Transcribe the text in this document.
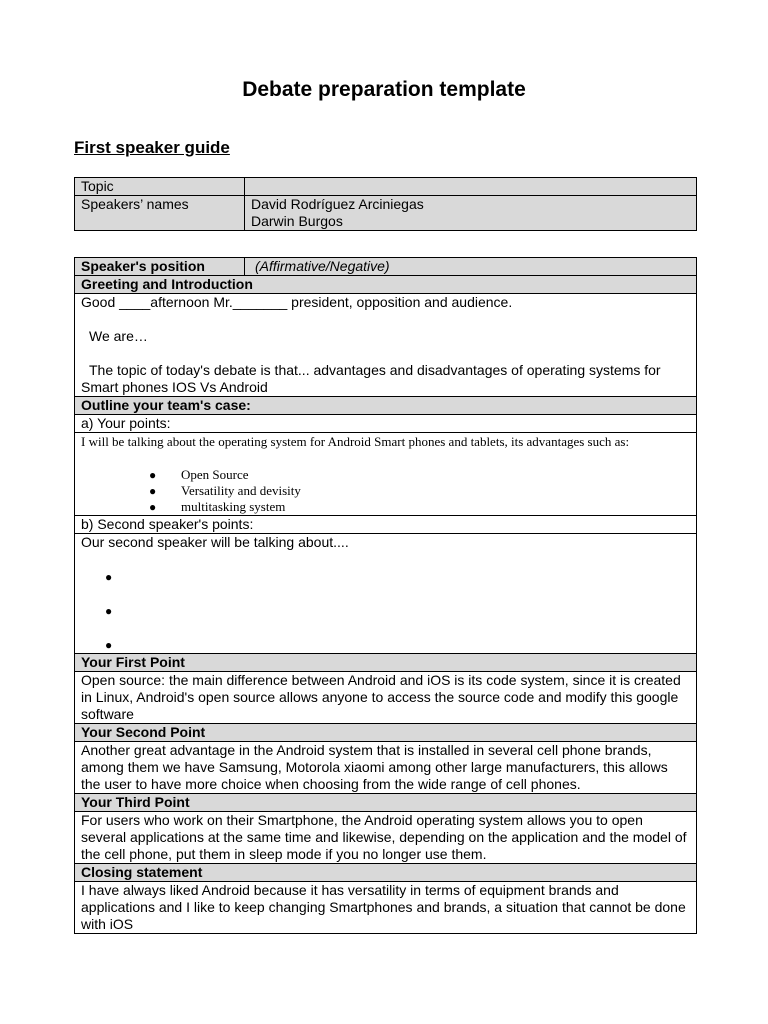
Debate preparation template
First speaker guide
Topic	
Speakers’ names	David Rodríguez Arciniegas
Darwin Burgos
Speaker's position	(Affirmative/Negative)
Greeting and Introduction

Good ____afternoon Mr._______ president, opposition and audience.

We are…

The topic of today's debate is that... advantages and disadvantages of operating systems for Smart phones IOS Vs Android

Outline your team's case:
a) Your points:

I will be talking about the operating system for Android Smart phones and tablets, its advantages such as:

● Open Source
● Versatility and devisity
● multitasking system

b) Second speaker's points:

Our second speaker will be talking about....

●
●
●

Your First Point
Open source: the main difference between Android and iOS is its code system, since it is created in Linux, Android's open source allows anyone to access the source code and modify this google software
Your Second Point
Another great advantage in the Android system that is installed in several cell phone brands, among them we have Samsung, Motorola xiaomi among other large manufacturers, this allows the user to have more choice when choosing from the wide range of cell phones.
Your Third Point
For users who work on their Smartphone, the Android operating system allows you to open several applications at the same time and likewise, depending on the application and the model of the cell phone, put them in sleep mode if you no longer use them.
Closing statement
I have always liked Android because it has versatility in terms of equipment brands and applications and I like to keep changing Smartphones and brands, a situation that cannot be done with iOS
